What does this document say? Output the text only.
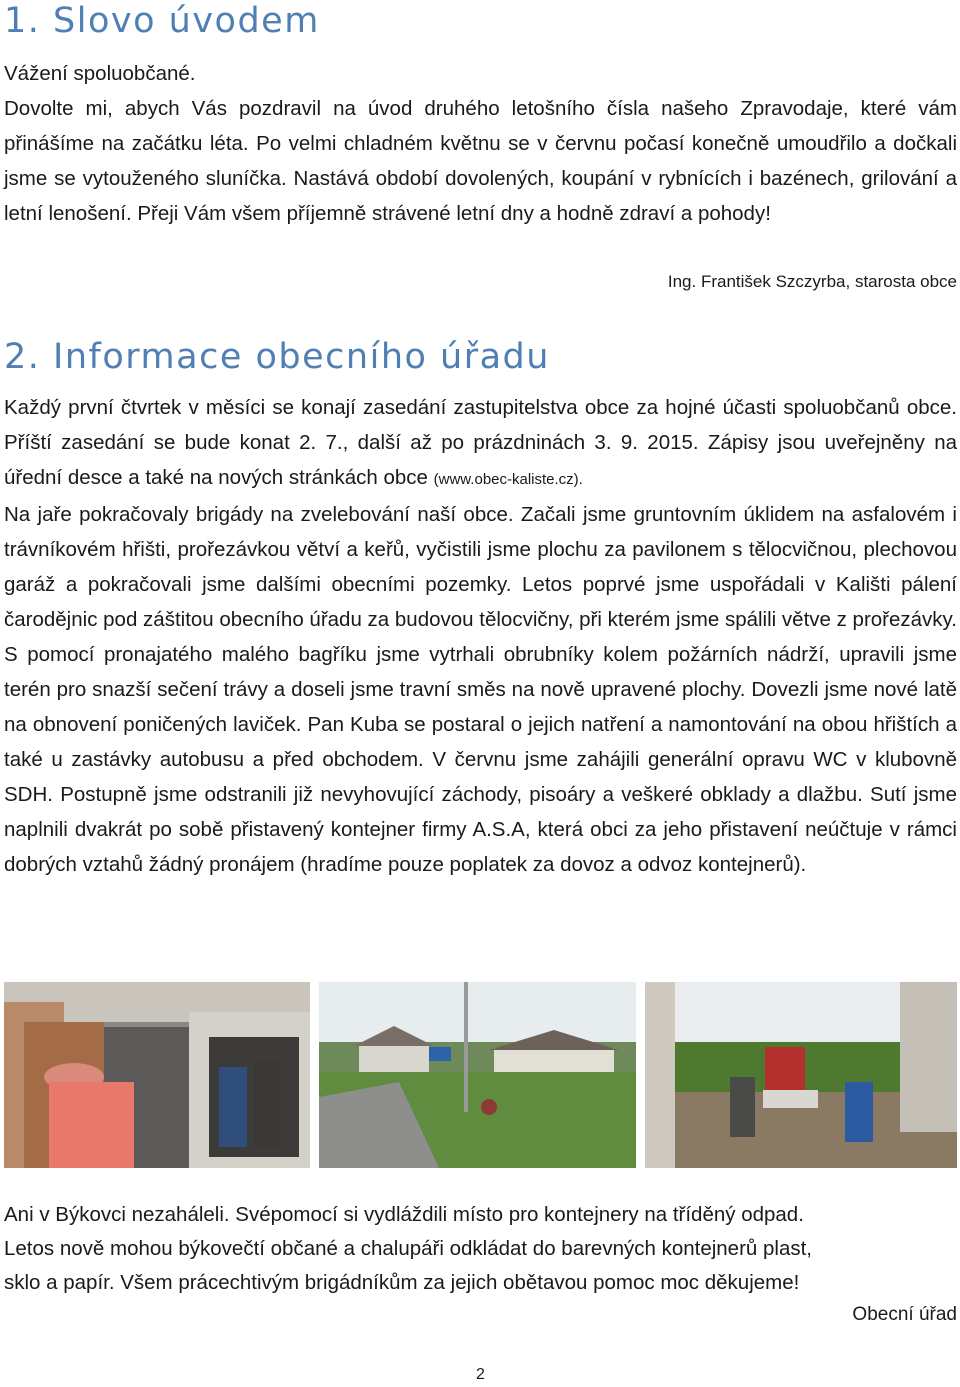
1. Slovo úvodem

Vážení spoluobčané.

Dovolte mi, abych Vás pozdravil na úvod druhého letošního čísla našeho Zpravodaje, které vám přinášíme na začátku léta. Po velmi chladném květnu se v červnu počasí konečně umoudřilo a dočkali jsme se vytouženého sluníčka. Nastává období dovolených, koupání v rybnících i bazénech, grilování a letní lenošení. Přeji Vám všem příjemně strávené letní dny a hodně zdraví a pohody!

Ing. František Szczyrba, starosta obce
2. Informace obecního úřadu

Každý první čtvrtek v měsíci se konají zasedání zastupitelstva obce za hojné účasti spoluobčanů obce. Příští zasedání se bude konat 2. 7., další až po prázdninách 3. 9. 2015. Zápisy jsou uveřejněny na úřední desce a také na nových stránkách obce (www.obec-kaliste.cz).

Na jaře pokračovaly brigády na zvelebování naší obce. Začali jsme gruntovním úklidem na asfalovém i trávníkovém hřišti, prořezávkou větví a keřů, vyčistili jsme plochu za pavilonem s tělocvičnou, plechovou garáž a pokračovali jsme dalšími obecními pozemky. Letos poprvé jsme uspořádali v Kališti pálení čarodějnic pod záštitou obecního úřadu za budovou tělocvičny, při kterém jsme spálili větve z prořezávky. S pomocí pronajatého malého bagříku jsme vytrhali obrubníky kolem požárních nádrží, upravili jsme terén pro snazší sečení trávy a doseli jsme travní směs na nově upravené plochy. Dovezli jsme nové latě na obnovení poničených laviček. Pan Kuba se postaral o jejich natření a namontování na obou hřištích a také u zastávky autobusu a před obchodem. V červnu jsme zahájili generální opravu WC v klubovně SDH. Postupně jsme odstranili již nevyhovující záchody, pisoáry a veškeré obklady a dlažbu. Sutí jsme naplnili dvakrát po sobě přistavený kontejner firmy A.S.A, která obci za jeho přistavení neúčtuje v rámci dobrých vztahů žádný pronájem (hradíme pouze poplatek za dovoz a odvoz kontejnerů).

Ani v Býkovci nezaháleli. Svépomocí si vydláždili místo pro kontejnery na tříděný odpad.

Letos nově mohou býkovečtí občané a chalupáři odkládat do barevných kontejnerů plast,

sklo a papír. Všem prácechtivým brigádníkům za jejich obětavou pomoc moc děkujeme!

Obecní úřad
2
